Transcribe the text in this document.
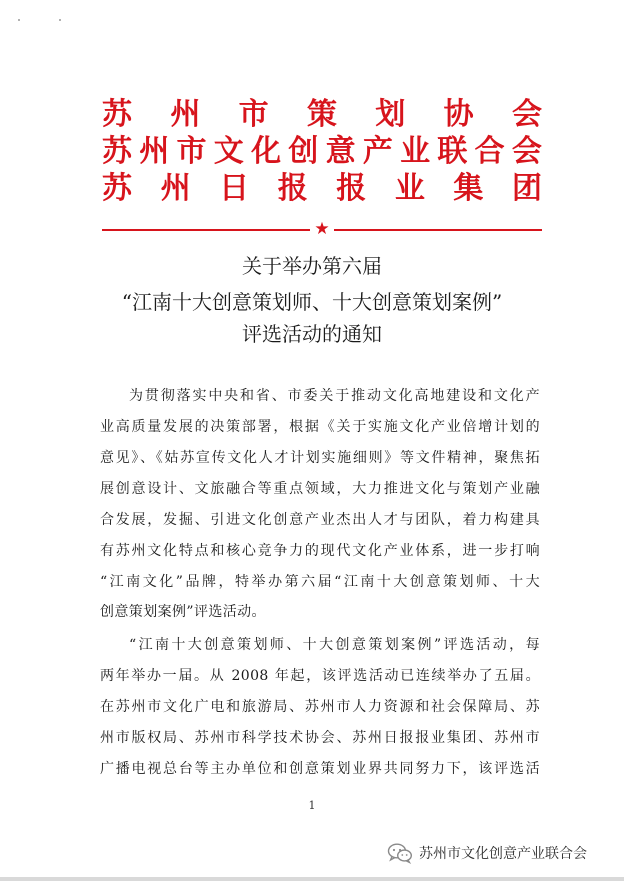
苏 州 市 策 划 协 会
苏 州 市 文 化 创 意 产 业 联 合 会
苏 州 日 报 报 业 集 团
★
关于举办第六届
“江南十大创意策划师、十大创意策划案例”
评选活动的通知
为贯彻落实中央和省、市委关于推动文化高地建设和文化产
业高质量发展的决策部署，根据《关于实施文化产业倍增计划的
意见》、《姑苏宣传文化人才计划实施细则》等文件精神，聚焦拓
展创意设计、文旅融合等重点领域，大力推进文化与策划产业融
合发展，发掘、引进文化创意产业杰出人才与团队，着力构建具
有苏州文化特点和核心竞争力的现代文化产业体系，进一步打响
“江南文化”品牌，特举办第六届“江南十大创意策划师、十大
创意策划案例”评选活动。
“江南十大创意策划师、十大创意策划案例”评选活动，每
两年举办一届。从 2008 年起，该评选活动已连续举办了五届。
在苏州市文化广电和旅游局、苏州市人力资源和社会保障局、苏
州市版权局、苏州市科学技术协会、苏州日报报业集团、苏州市
广播电视总台等主办单位和创意策划业界共同努力下，该评选活
1
苏州市文化创意产业联合会
